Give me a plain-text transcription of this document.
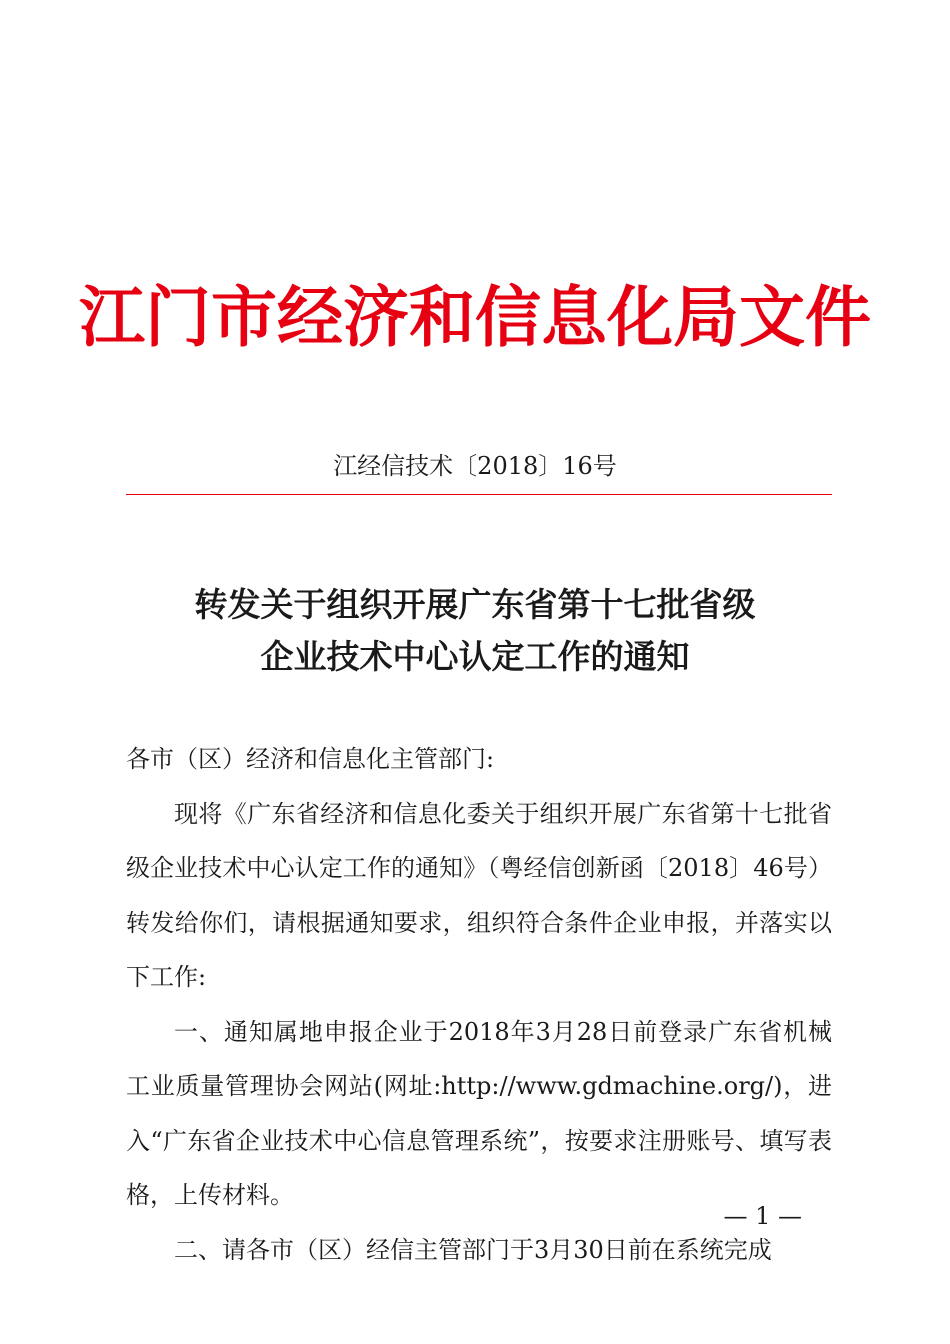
江门市经济和信息化局文件
江经信技术〔2018〕16号
转发关于组织开展广东省第十七批省级
企业技术中心认定工作的通知

各市（区）经济和信息化主管部门:

现将《广东省经济和信息化委关于组织开展广东省第十七批省级企业技术中心认定工作的通知》（粤经信创新函〔2018〕46号）转发给你们，请根据通知要求，组织符合条件企业申报，并落实以下工作:

一、通知属地申报企业于2018年3月28日前登录广东省机械工业质量管理协会网站(网址:http://www.gdmachine.org/)，进入“广东省企业技术中心信息管理系统”，按要求注册账号、填写表格，上传材料。

二、请各市（区）经信主管部门于3月30日前在系统完成

— 1 —
